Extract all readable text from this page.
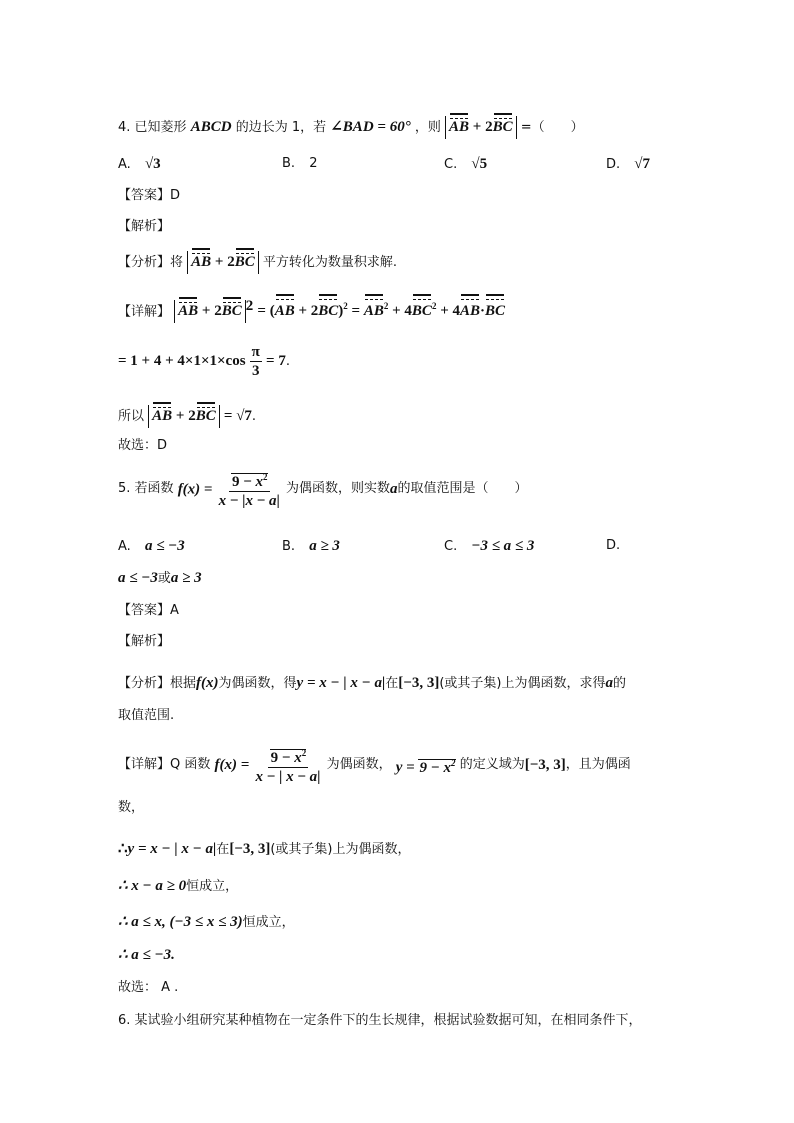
4. 已知菱形 ABCD 的边长为 1，若 ∠BAD = 60° ，则 AB + 2BC =（　　）
A. √3	B. 2	C. √5	D. √7
【答案】D
【解析】
【分析】将 AB + 2BC 平方转化为数量积求解.
【详解】 AB + 2BC $^2 = (AB + 2BC)^2 = AB^2 + 4BC^2 + 4AB\cdot BC$
= $1 + 4 + 4\times 1\times 1\times\cos \frac{\pi}{3} = 7$.
所以 AB + 2BC = √7.
故选：D
5. 若函数 $f(x) = \frac{9 - x^2}{x - |x - a|}$ 为偶函数，则实数a的取值范围是（　　）
A. a ≤ −3	B. a ≥ 3	C. −3 ≤ a ≤ 3	D.
a ≤ −3或a ≥ 3
【答案】A
【解析】
【分析】根据f(x)为偶函数，得y = x − | x − a|在[−3, 3](或其子集)上为偶函数，求得a的
取值范围.
【详解】Q 函数 $f(x) = \frac{9 - x^2}{x - | x - a|}$ 为偶函数， $y = 9 - x^2$ 的定义域为[−3, 3]，且为偶函
数，
∴y = x − | x − a|在[−3, 3](或其子集)上为偶函数，
∴ x − a ≥ 0恒成立，
∴ a ≤ x, (−3 ≤ x ≤ 3)恒成立，
∴ a ≤ −3.
故选： A .
6. 某试验小组研究某种植物在一定条件下的生长规律，根据试验数据可知，在相同条件下，
